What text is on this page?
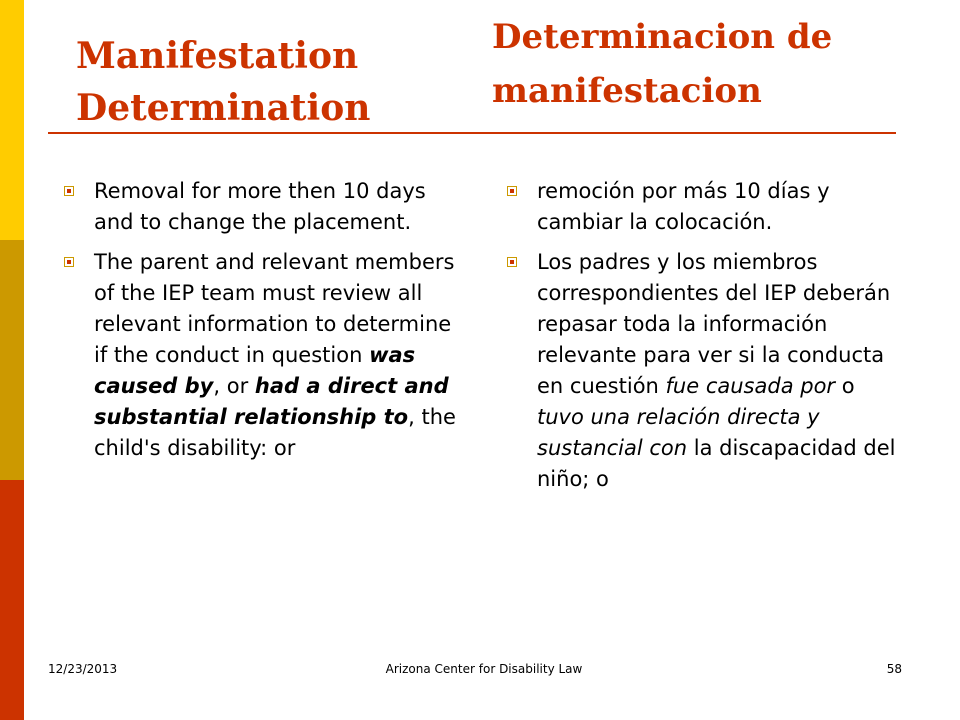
Manifestation Determination
Determinacion de
manifestacion
Removal for more then 10 days and to change the placement.
The parent and relevant members of the IEP team must review all relevant information to determine if the conduct in question was caused by, or had a direct and substantial relationship to, the child's disability: or
remoción por más 10 días y cambiar la colocación.
Los padres y los miembros correspondientes del IEP deberán repasar toda la información relevante para ver si la conducta en cuestión fue causada por o tuvo una relación directa y sustancial con la discapacidad del niño; o
12/23/2013	Arizona Center for Disability Law	58
